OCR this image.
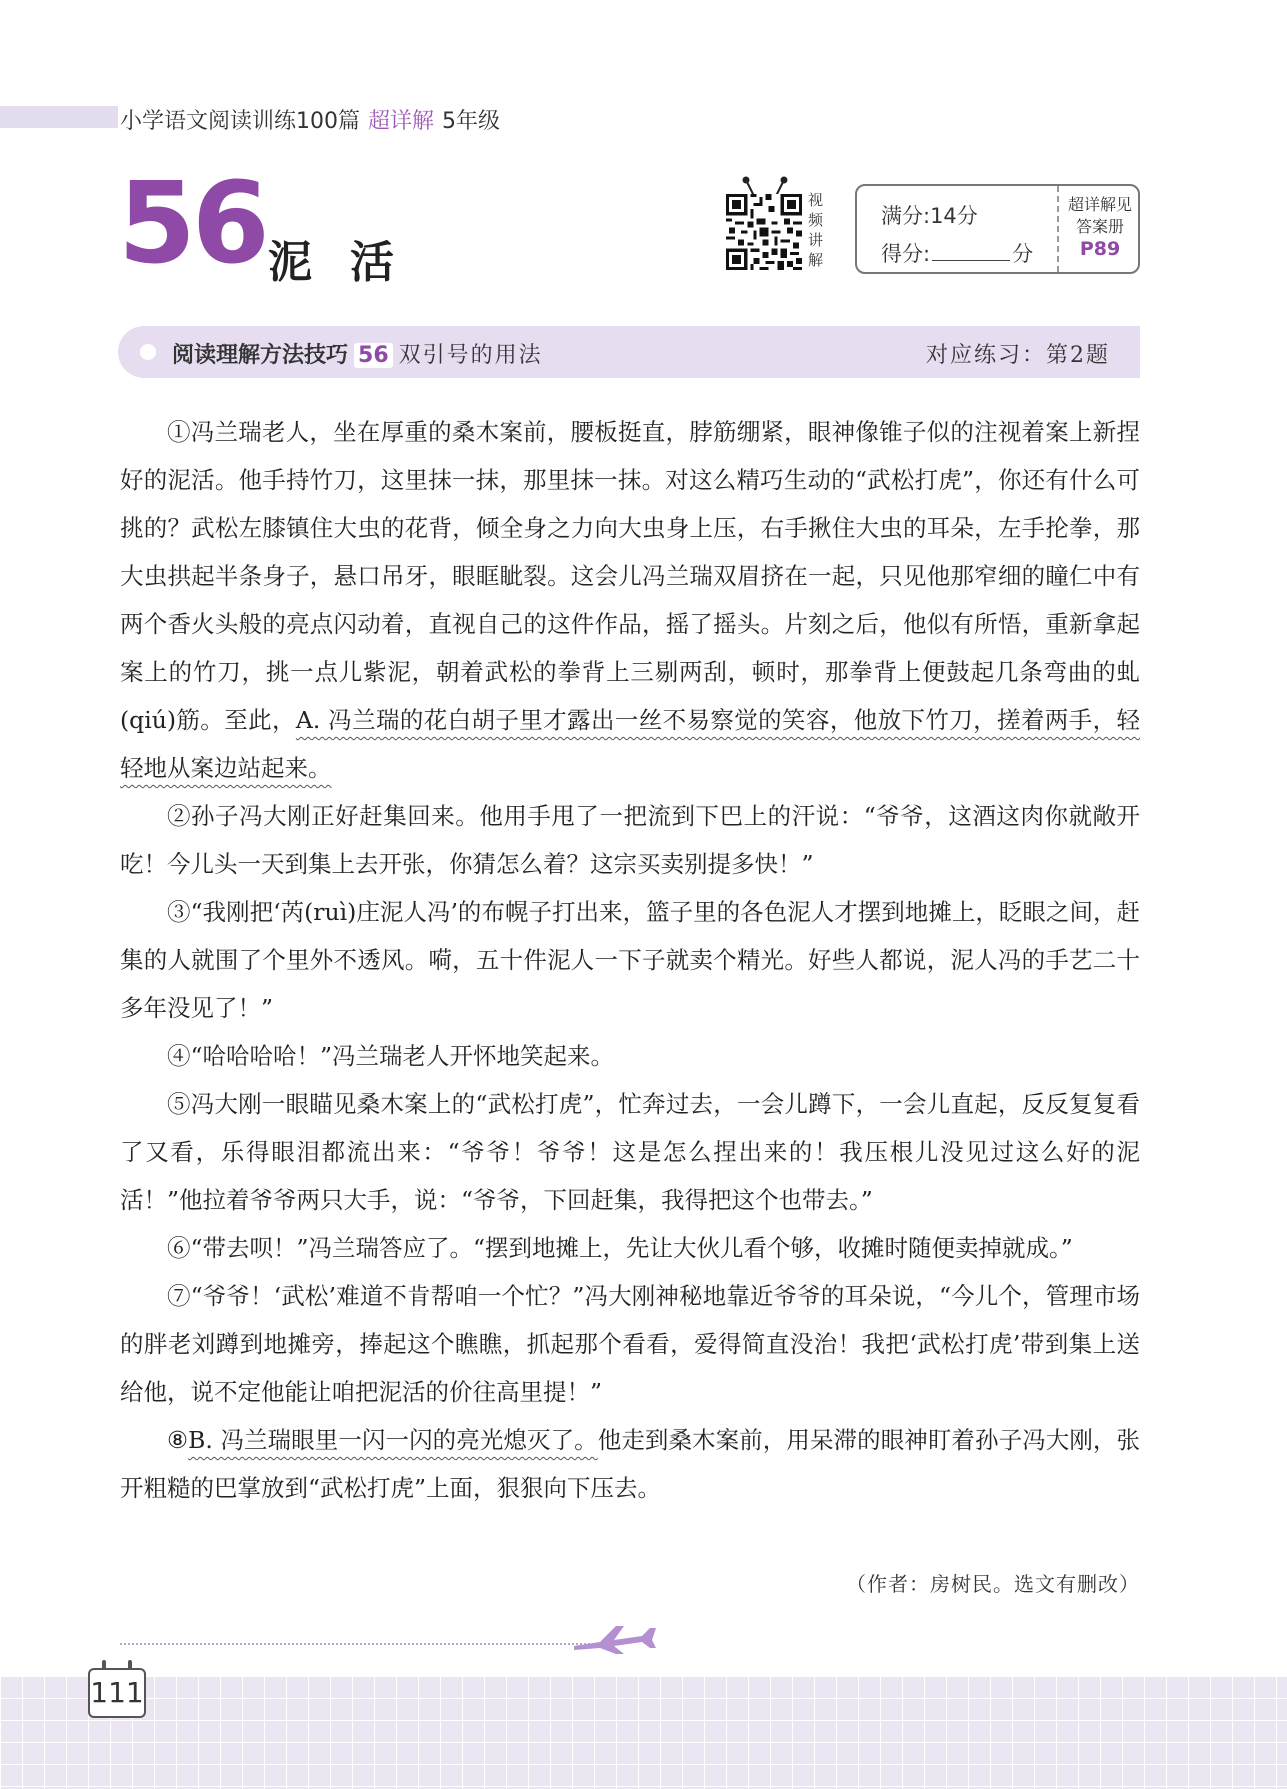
小学语文阅读训练100篇 超详解 5年级
56 泥活
视
频
讲
解
满分:14分
得分:	分
超详解见
答案册
P89
阅读理解方法技巧 56 双引号的用法	对应练习：第2题

①冯兰瑞老人，坐在厚重的桑木案前，腰板挺直，脖筋绷紧，眼神像锥子似的注视着案上新捏好的泥活。他手持竹刀，这里抹一抹，那里抹一抹。对这么精巧生动的“武松打虎”，你还有什么可挑的？武松左膝镇住大虫的花背，倾全身之力向大虫身上压，右手揪住大虫的耳朵，左手抡拳，那大虫拱起半条身子，悬口吊牙，眼眶眦裂。这会儿冯兰瑞双眉挤在一起，只见他那窄细的瞳仁中有两个香火头般的亮点闪动着，直视自己的这件作品，摇了摇头。片刻之后，他似有所悟，重新拿起案上的竹刀，挑一点儿紫泥，朝着武松的拳背上三剔两刮，顿时，那拳背上便鼓起几条弯曲的虬(qiú)筋。至此，A. 冯兰瑞的花白胡子里才露出一丝不易察觉的笑容，他放下竹刀，搓着两手，轻轻地从案边站起来。

②孙子冯大刚正好赶集回来。他用手甩了一把流到下巴上的汗说：“爷爷，这酒这肉你就敞开吃！今儿头一天到集上去开张，你猜怎么着？这宗买卖别提多快！”

③“我刚把‘芮(ruì)庄泥人冯’的布幌子打出来，篮子里的各色泥人才摆到地摊上，眨眼之间，赶集的人就围了个里外不透风。嗬，五十件泥人一下子就卖个精光。好些人都说，泥人冯的手艺二十多年没见了！”

④“哈哈哈哈！”冯兰瑞老人开怀地笑起来。

⑤冯大刚一眼瞄见桑木案上的“武松打虎”，忙奔过去，一会儿蹲下，一会儿直起，反反复复看了又看，乐得眼泪都流出来：“爷爷！爷爷！这是怎么捏出来的！我压根儿没见过这么好的泥活！”他拉着爷爷两只大手，说：“爷爷，下回赶集，我得把这个也带去。”

⑥“带去呗！”冯兰瑞答应了。“摆到地摊上，先让大伙儿看个够，收摊时随便卖掉就成。”

⑦“爷爷！‘武松’难道不肯帮咱一个忙？”冯大刚神秘地靠近爷爷的耳朵说，“今儿个，管理市场的胖老刘蹲到地摊旁，捧起这个瞧瞧，抓起那个看看，爱得简直没治！我把‘武松打虎’带到集上送给他，说不定他能让咱把泥活的价往高里提！”

⑧B. 冯兰瑞眼里一闪一闪的亮光熄灭了。他走到桑木案前，用呆滞的眼神盯着孙子冯大刚，张开粗糙的巴掌放到“武松打虎”上面，狠狠向下压去。

（作者：房树民。选文有删改）
111
